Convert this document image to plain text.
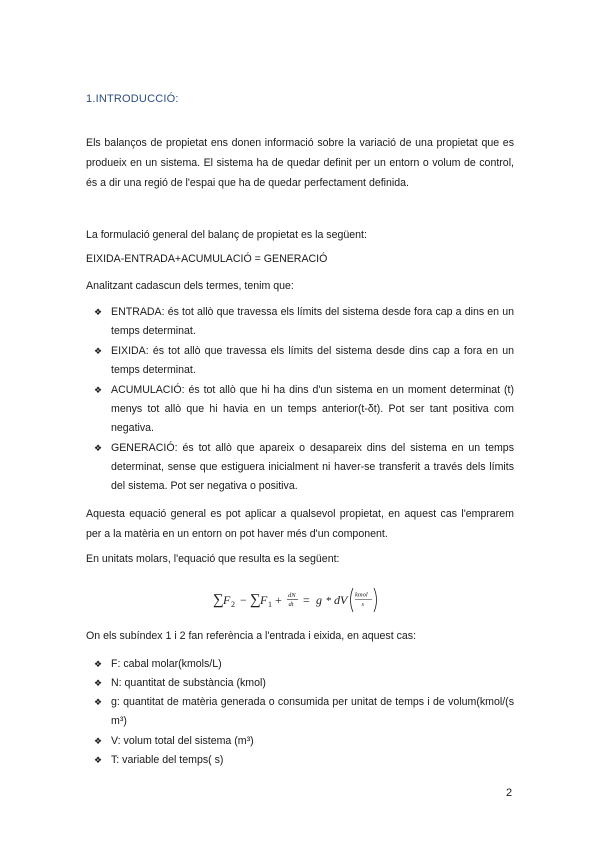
1.INTRODUCCIÓ:
Els balanços de propietat ens donen informació sobre la variació de una propietat que es produeix en un sistema. El sistema ha de quedar definit per un entorn o volum de control, és a dir una regió de l'espai que ha de quedar perfectament definida.
La formulació general del balanç de propietat es la següent:
EIXIDA-ENTRADA+ACUMULACIÓ = GENERACIÓ
Analitzant cadascun dels termes, tenim que:
❖ ENTRADA: és tot allò que travessa els límits del sistema desde fora cap a dins en un temps determinat.
❖ EIXIDA: és tot allò que travessa els límits del sistema desde dins cap a fora en un temps determinat.
❖ ACUMULACIÓ: és tot allò que hi ha dins d'un sistema en un moment determinat (t) menys tot allò que hi havia en un temps anterior(t-δt). Pot ser tant positiva com negativa.
❖ GENERACIÓ: és tot allò que apareix o desapareix dins del sistema en un temps determinat, sense que estiguera inicialment ni haver-se transferit a través dels límits del sistema. Pot ser negativa o positiva.
Aquesta equació general es pot aplicar a qualsevol propietat, en aquest cas l'emprarem per a la matèria en un entorn on pot haver més d'un component.
En unitats molars, l'equació que resulta es la següent:
∑ F 2 − ∑ F 1 + dN
dt = g * dV kmol
s
On els subíndex 1 i 2 fan referència a l'entrada i eixida, en aquest cas:
❖ F: cabal molar(kmols/L)
❖ N: quantitat de substància (kmol)
❖ g: quantitat de matèria generada o consumida per unitat de temps i de volum(kmol/(s m³)
❖ V: volum total del sistema (m³)
❖ T: variable del temps( s)
2
